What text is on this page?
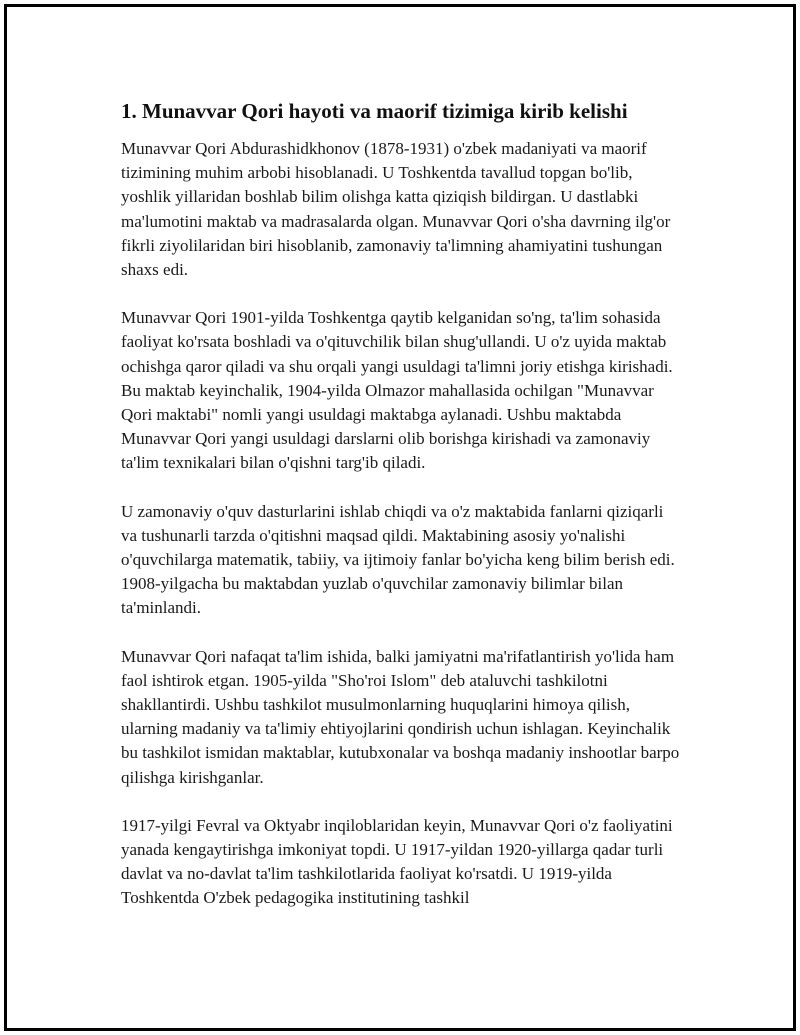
1. Munavvar Qori hayoti va maorif tizimiga kirib kelishi

Munavvar Qori Abdurashidkhonov (1878-1931) o'zbek madaniyati va maorif tizimining muhim arbobi hisoblanadi. U Toshkentda tavallud topgan bo'lib, yoshlik yillaridan boshlab bilim olishga katta qiziqish bildirgan. U dastlabki ma'lumotini maktab va madrasalarda olgan. Munavvar Qori o'sha davrning ilg'or fikrli ziyolilaridan biri hisoblanib, zamonaviy ta'limning ahamiyatini tushungan shaxs edi.

Munavvar Qori 1901-yilda Toshkentga qaytib kelganidan so'ng, ta'lim sohasida faoliyat ko'rsata boshladi va o'qituvchilik bilan shug'ullandi. U o'z uyida maktab ochishga qaror qiladi va shu orqali yangi usuldagi ta'limni joriy etishga kirishadi. Bu maktab keyinchalik, 1904-yilda Olmazor mahallasida ochilgan "Munavvar Qori maktabi" nomli yangi usuldagi maktabga aylanadi. Ushbu maktabda Munavvar Qori yangi usuldagi darslarni olib borishga kirishadi va zamonaviy ta'lim texnikalari bilan o'qishni targ'ib qiladi.

U zamonaviy o'quv dasturlarini ishlab chiqdi va o'z maktabida fanlarni qiziqarli va tushunarli tarzda o'qitishni maqsad qildi. Maktabining asosiy yo'nalishi o'quvchilarga matematik, tabiiy, va ijtimoiy fanlar bo'yicha keng bilim berish edi. 1908-yilgacha bu maktabdan yuzlab o'quvchilar zamonaviy bilimlar bilan ta'minlandi.

Munavvar Qori nafaqat ta'lim ishida, balki jamiyatni ma'rifatlantirish yo'lida ham faol ishtirok etgan. 1905-yilda "Sho'roi Islom" deb ataluvchi tashkilotni shakllantirdi. Ushbu tashkilot musulmonlarning huquqlarini himoya qilish, ularning madaniy va ta'limiy ehtiyojlarini qondirish uchun ishlagan. Keyinchalik bu tashkilot ismidan maktablar, kutubxonalar va boshqa madaniy inshootlar barpo qilishga kirishganlar.

1917-yilgi Fevral va Oktyabr inqiloblaridan keyin, Munavvar Qori o'z faoliyatini yanada kengaytirishga imkoniyat topdi. U 1917-yildan 1920-yillarga qadar turli davlat va no-davlat ta'lim tashkilotlarida faoliyat ko'rsatdi. U 1919-yilda Toshkentda O'zbek pedagogika institutining tashkil
